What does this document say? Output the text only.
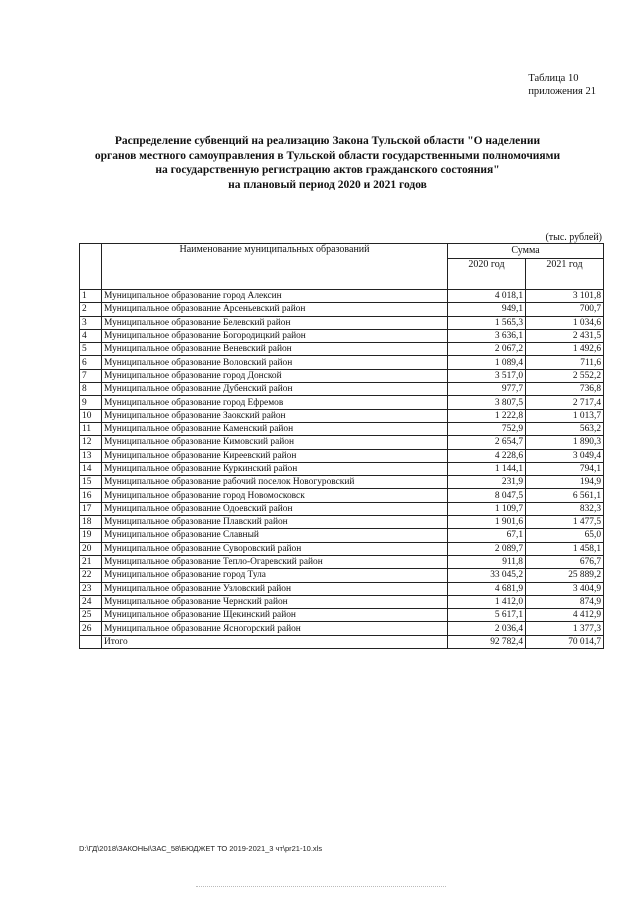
Таблица 10
приложения 21
Распределение субвенций на реализацию Закона Тульской области "О наделении
органов местного самоуправления в Тульской области государственными полномочиями
на государственную регистрацию актов гражданского состояния"
на плановый период 2020 и 2021 годов
(тыс. рублей)
	Наименование муниципальных образований	Сумма	
		2020 год	2021 год
1	Муниципальное образование город Алексин	4 018,1	3 101,8
2	Муниципальное образование Арсеньевский район	949,1	700,7
3	Муниципальное образование Белевский район	1 565,3	1 034,6
4	Муниципальное образование Богородицкий район	3 636,1	2 431,5
5	Муниципальное образование Веневский район	2 067,2	1 492,6
6	Муниципальное образование Воловский район	1 089,4	711,6
7	Муниципальное образование город Донской	3 517,0	2 552,2
8	Муниципальное образование Дубенский район	977,7	736,8
9	Муниципальное образование город Ефремов	3 807,5	2 717,4
10	Муниципальное образование Заокский район	1 222,8	1 013,7
11	Муниципальное образование Каменский район	752,9	563,2
12	Муниципальное образование Кимовский район	2 654,7	1 890,3
13	Муниципальное образование Киреевский район	4 228,6	3 049,4
14	Муниципальное образование Куркинский район	1 144,1	794,1
15	Муниципальное образование рабочий поселок Новогуровский	231,9	194,9
16	Муниципальное образование город Новомосковск	8 047,5	6 561,1
17	Муниципальное образование Одоевский район	1 109,7	832,3
18	Муниципальное образование Плавский район	1 901,6	1 477,5
19	Муниципальное образование Славный	67,1	65,0
20	Муниципальное образование Суворовский район	2 089,7	1 458,1
21	Муниципальное образование Тепло-Огаревский район	911,8	676,7
22	Муниципальное образование город Тула	33 045,2	25 889,2
23	Муниципальное образование Узловский район	4 681,9	3 404,9
24	Муниципальное образование Чернский район	1 412,0	874,9
25	Муниципальное образование Щекинский район	5 617,1	4 412,9
26	Муниципальное образование Ясногорский район	2 036,4	1 377,3
	Итого	92 782,4	70 014,7
D:\ГД\2018\ЗАКОНЫ\ЗАС_58\БЮДЖЕТ ТО 2019-2021_3 чт\pr21-10.xls
